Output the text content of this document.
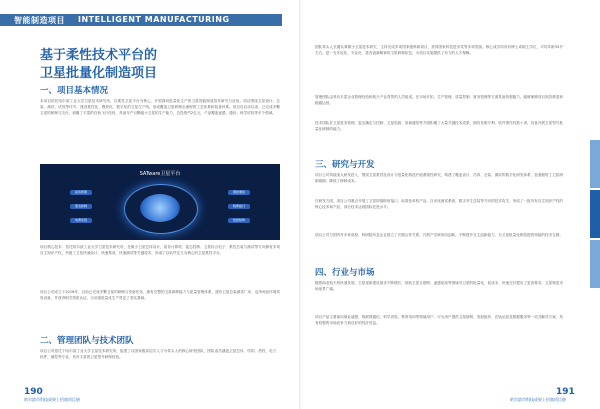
智能制造项目 INTELLIGENT MANUFACTURING
基于柔性技术平台的
卫星批量化制造项目
一、项目基本情况

本项目依托哈尔滨工业大学卫星技术研究所，以柔性卫星平台为核心，开展面向批量化生产的卫星智能制造技术研究与应用。项目围绕卫星设计、总装、测试、试验等环节，建设柔性化、模块化、数字化的卫星生产线，形成覆盖卫星研制全流程的工艺体系和装备体系。项目自启动以来，已完成多颗卫星的研制与交付，积累了丰富的在轨飞行经验，具备年产百颗级小卫星的生产能力，总投资约2亿元，产品覆盖遥感、通信、科学试验等多个领域。

SATware卫星平台
星务管理
姿态控制
电源系统
测控通信
载荷接口
热控结构

项目核心技术：依托哈尔滨工业大学卫星技术研究所，在微小卫星总体设计、星务计算机、姿态控制、卫星综合电子、柔性总装与测试等方向拥有多项自主知识产权，突破了卫星快速设计、快速集成、快速测试等关键技术，形成了以软件定义为核心的卫星柔性平台。

项目公司成立于2016年，目前已完成多颗卫星的研制与发射任务，拥有完整的卫星研制能力与质量管理体系，建有卫星总装测试厂房、洁净间及环境试验设备，并获得相关资质认证，为后续批量化生产奠定了坚实基础。

二、管理团队与技术团队

项目公司依托于哈尔滨工业大学卫星技术研究所，组建了以国家级高层次人才为带头人的核心研发团队，团队成员涵盖卫星总体、结构、热控、电子、软件、测控等专业，具有丰富的卫星型号研制经验。

团队带头人长期从事微小卫星技术研究，主持完成多项国家级科研项目，获得国家科技进步奖等多项奖励。核心成员均具有博士或硕士学位，平均年龄35岁左右，是一支年轻化、专业化、富有创新精神的卫星研制队伍，为项目实施提供了有力的人才保障。

管理团队由具有丰富企业管理经验和航天产业背景的人员组成，在市场开拓、生产管理、质量控制、财务管理等方面具备较强能力，能够保障项目高效推进和稳健运营。

技术团队在卫星星务管理、姿态确定与控制、卫星电源、星载通信等方面积累了大量关键技术成果，拥有发明专利、软件著作权数十项，具备开展卫星型号批量化研制的能力。

三、研究与开发

项目公司持续加大研发投入，围绕卫星柔性化设计与批量化制造开展系统性研究，构建了覆盖设计、仿真、总装、测试的数字化研发体系，显著缩短了卫星研制周期，降低了研制成本。

在研发方面，项目公司重点开展了卫星即插即用接口、标准化单机产品、自动化测试系统、数字孪生总装等方向的技术攻关，形成了一批具有自主知识产权的核心技术和产品，部分技术达到国际先进水平。

项目公司与国内外多家高校、科研院所及企业建立了长期合作关系，开展产学研协同创新，不断提升自主创新能力，为卫星批量化制造提供持续的技术支撑。

四、行业与市场

随着商业航天的快速发展，卫星星座建设需求不断增长，低轨卫星互联网、遥感星座等领域对卫星的批量化、低成本、快速交付提出了更高要求，卫星制造市场前景广阔。

项目产品主要面向商业遥感、物联网通信、科学试验、教育培训等领域用户，可为用户提供卫星研制、发射组织、在轨运营及数据服务等一站式解决方案，具有较强的市场竞争力和良好的经济效益。

190
哈尔滨市科技成果 | 招商项目册
191
哈尔滨市科技成果 | 招商项目册
